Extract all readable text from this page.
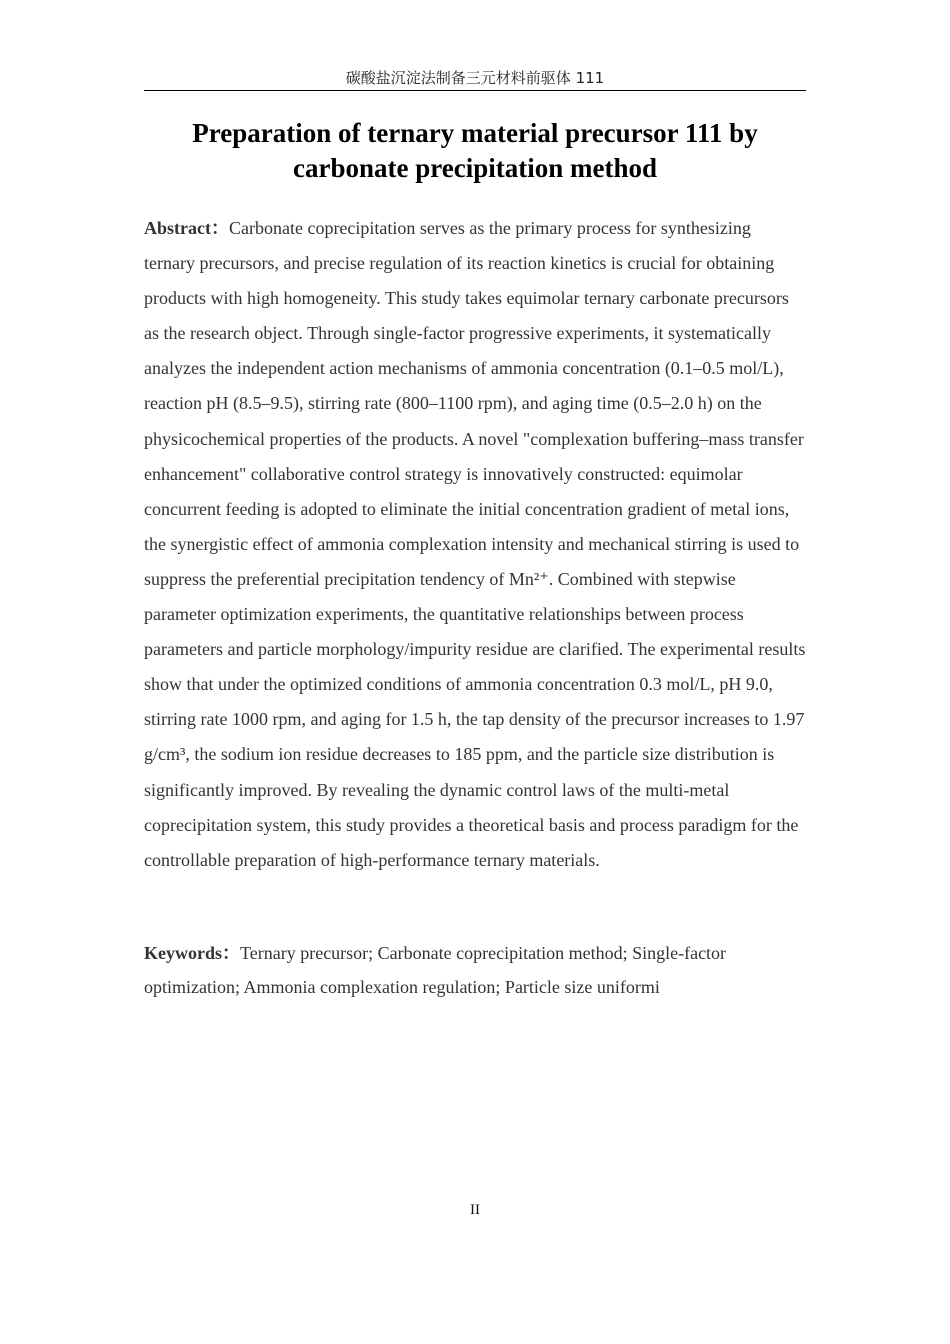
碳酸盐沉淀法制备三元材料前驱体 111
Preparation of ternary material precursor 111 by carbonate precipitation method

Abstract：Carbonate coprecipitation serves as the primary process for synthesizing ternary precursors, and precise regulation of its reaction kinetics is crucial for obtaining products with high homogeneity. This study takes equimolar ternary carbonate precursors as the research object. Through single-factor progressive experiments, it systematically analyzes the independent action mechanisms of ammonia concentration (0.1–0.5 mol/L), reaction pH (8.5–9.5), stirring rate (800–1100 rpm), and aging time (0.5–2.0 h) on the physicochemical properties of the products. A novel "complexation buffering–mass transfer enhancement" collaborative control strategy is innovatively constructed: equimolar concurrent feeding is adopted to eliminate the initial concentration gradient of metal ions, the synergistic effect of ammonia complexation intensity and mechanical stirring is used to suppress the preferential precipitation tendency of Mn²⁺. Combined with stepwise parameter optimization experiments, the quantitative relationships between process parameters and particle morphology/impurity residue are clarified. The experimental results show that under the optimized conditions of ammonia concentration 0.3 mol/L, pH 9.0, stirring rate 1000 rpm, and aging for 1.5 h, the tap density of the precursor increases to 1.97 g/cm³, the sodium ion residue decreases to 185 ppm, and the particle size distribution is significantly improved. By revealing the dynamic control laws of the multi-metal coprecipitation system, this study provides a theoretical basis and process paradigm for the controllable preparation of high-performance ternary materials.

Keywords：Ternary precursor; Carbonate coprecipitation method; Single-factor optimization; Ammonia complexation regulation; Particle size uniformi

II
